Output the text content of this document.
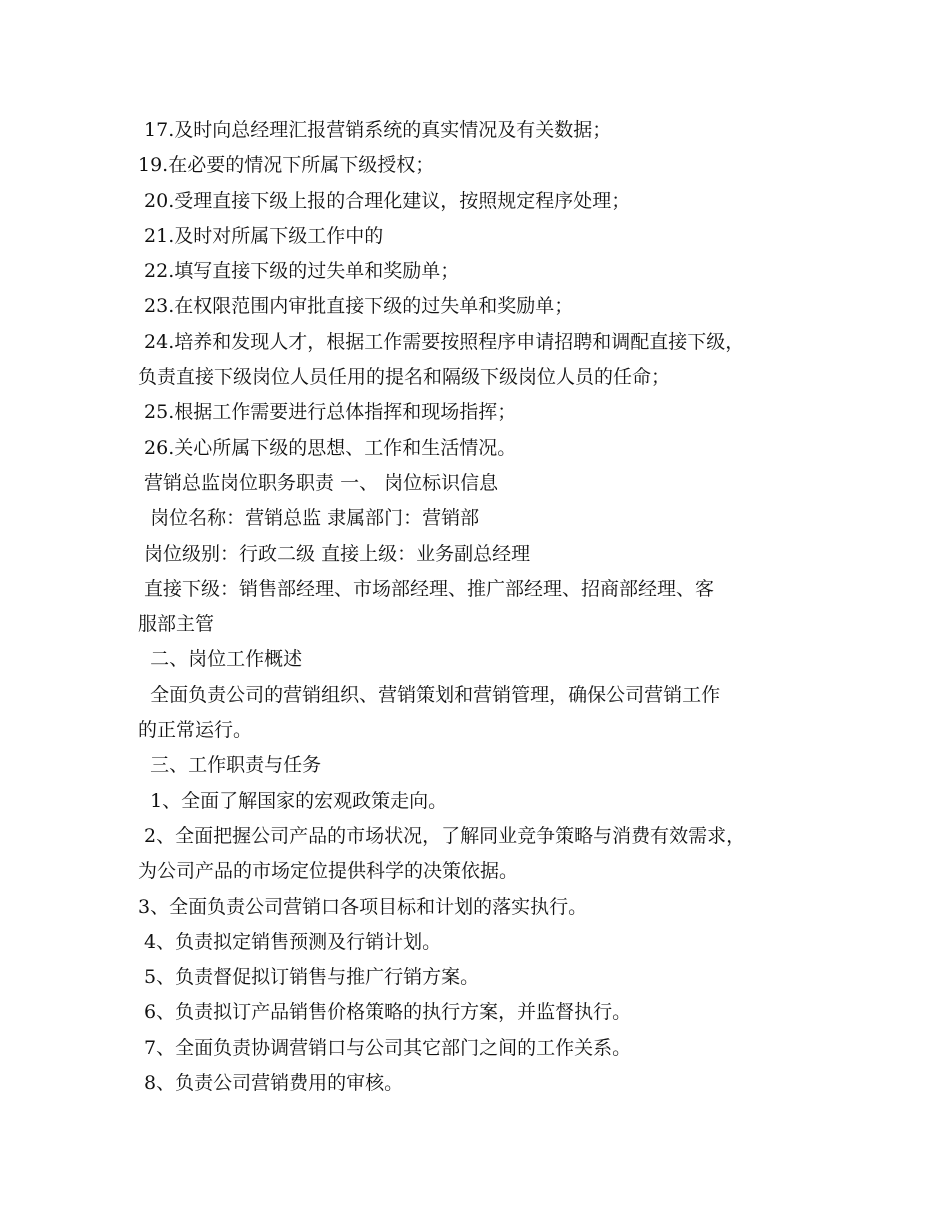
17.及时向总经理汇报营销系统的真实情况及有关数据；
19.在必要的情况下所属下级授权；
20.受理直接下级上报的合理化建议，按照规定程序处理；
21.及时对所属下级工作中的
22.填写直接下级的过失单和奖励单；
23.在权限范围内审批直接下级的过失单和奖励单；
24.培养和发现人才，根据工作需要按照程序申请招聘和调配直接下级，
负责直接下级岗位人员任用的提名和隔级下级岗位人员的任命；
25.根据工作需要进行总体指挥和现场指挥；
26.关心所属下级的思想、工作和生活情况。
营销总监岗位职务职责 一、 岗位标识信息
岗位名称：营销总监 隶属部门：营销部
岗位级别：行政二级 直接上级：业务副总经理
直接下级：销售部经理、市场部经理、推广部经理、招商部经理、客
服部主管
二、岗位工作概述
全面负责公司的营销组织、营销策划和营销管理，确保公司营销工作
的正常运行。
三、工作职责与任务
1、全面了解国家的宏观政策走向。
2、全面把握公司产品的市场状况，了解同业竞争策略与消费有效需求，
为公司产品的市场定位提供科学的决策依据。
3、全面负责公司营销口各项目标和计划的落实执行。
4、负责拟定销售预测及行销计划。
5、负责督促拟订销售与推广行销方案。
6、负责拟订产品销售价格策略的执行方案，并监督执行。
7、全面负责协调营销口与公司其它部门之间的工作关系。
8、负责公司营销费用的审核。
